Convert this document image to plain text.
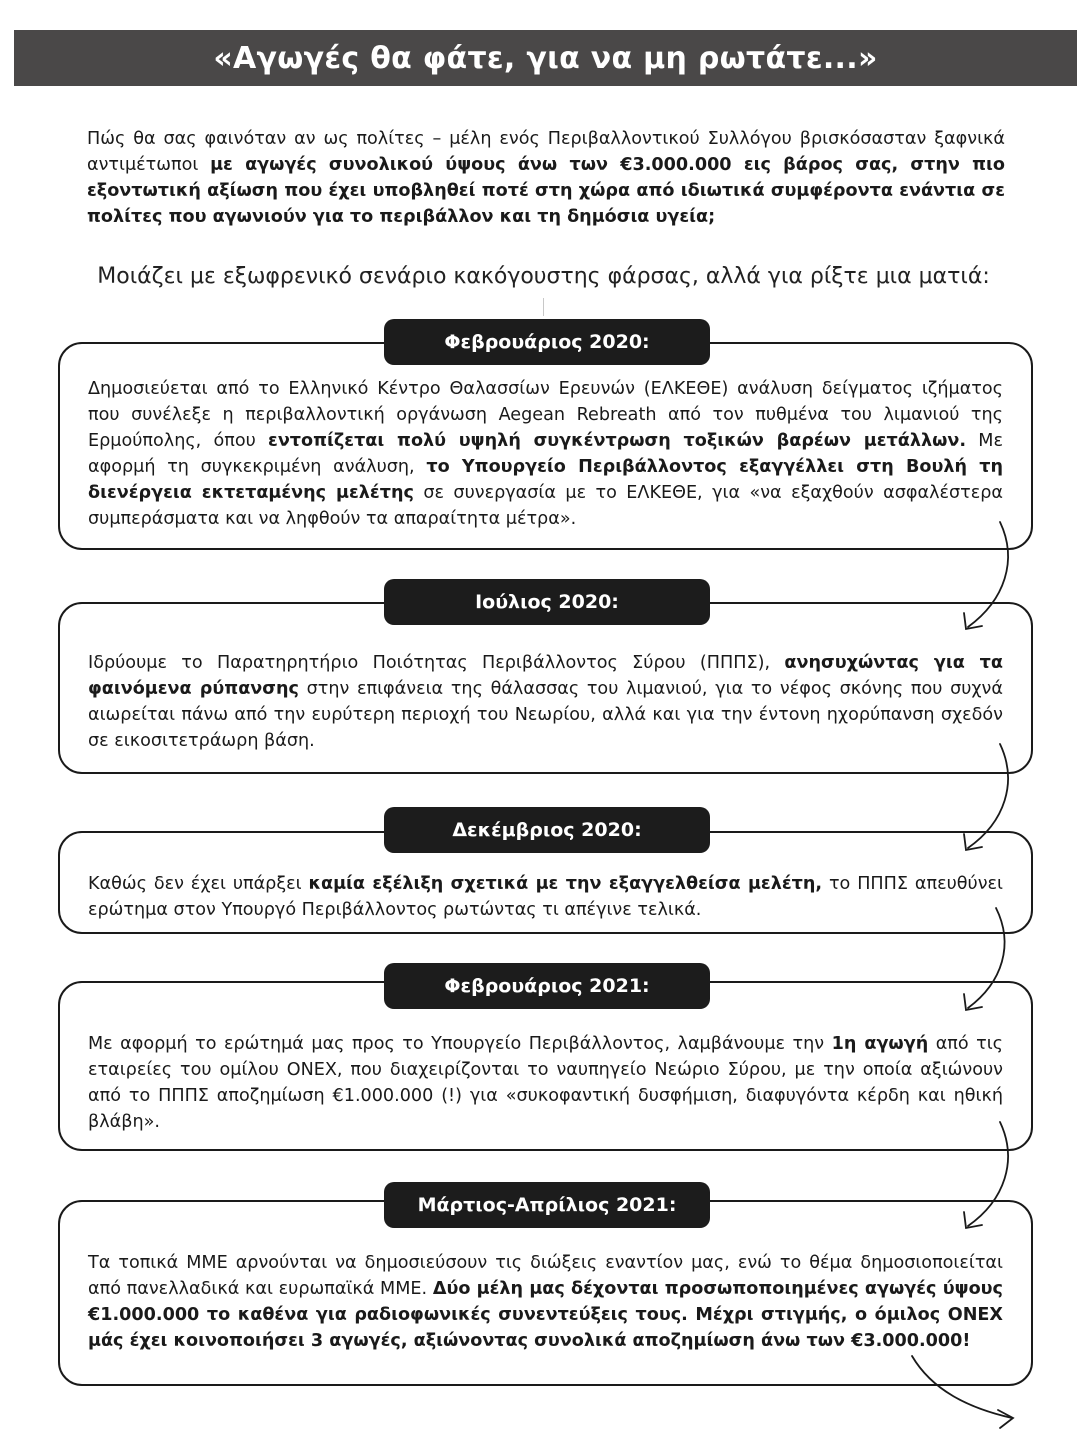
«Αγωγές θα φάτε, για να μη ρωτάτε...»
Πώς θα σας φαινόταν αν ως πολίτες – μέλη ενός Περιβαλλοντικού Συλλόγου βρισκόσασταν ξαφνικά αντιμέτωποι με αγωγές συνολικού ύψους άνω των €3.000.000 εις βάρος σας, στην πιο εξοντωτική αξίωση που έχει υποβληθεί ποτέ στη χώρα από ιδιωτικά συμφέροντα ενάντια σε πολίτες που αγωνιούν για το περιβάλλον και τη δημόσια υγεία;
Μοιάζει με εξωφρενικό σενάριο κακόγουστης φάρσας, αλλά για ρίξτε μια ματιά:
Δημοσιεύεται από το Ελληνικό Κέντρο Θαλασσίων Ερευνών (ΕΛΚΕΘΕ) ανάλυση δείγματος ιζήματος που συνέλεξε η περιβαλλοντική οργάνωση Aegean Rebreath από τον πυθμένα του λιμανιού της Ερμούπολης, όπου εντοπίζεται πολύ υψηλή συγκέντρωση τοξικών βαρέων μετάλλων. Με αφορμή τη συγκεκριμένη ανάλυση, το Υπουργείο Περιβάλλοντος εξαγγέλλει στη Βουλή τη διενέργεια εκτεταμένης μελέτης σε συνεργασία με το ΕΛΚΕΘΕ, για «να εξαχθούν ασφαλέστερα συμπεράσματα και να ληφθούν τα απαραίτητα μέτρα».
Φεβρουάριος 2020:
Ιδρύουμε το Παρατηρητήριο Ποιότητας Περιβάλλοντος Σύρου (ΠΠΠΣ), ανησυχώντας για τα φαινόμενα ρύπανσης στην επιφάνεια της θάλασσας του λιμανιού, για το νέφος σκόνης που συχνά αιωρείται πάνω από την ευρύτερη περιοχή του Νεωρίου, αλλά και για την έντονη ηχορύπανση σχεδόν σε εικοσιτετράωρη βάση.
Ιούλιος 2020:
Καθώς δεν έχει υπάρξει καμία εξέλιξη σχετικά με την εξαγγελθείσα μελέτη, το ΠΠΠΣ απευθύνει ερώτημα στον Υπουργό Περιβάλλοντος ρωτώντας τι απέγινε τελικά.
Δεκέμβριος 2020:
Με αφορμή το ερώτημά μας προς το Υπουργείο Περιβάλλοντος, λαμβάνουμε την 1η αγωγή από τις εταιρείες του ομίλου ONEX, που διαχειρίζονται το ναυπηγείο Νεώριο Σύρου, με την οποία αξιώνουν από το ΠΠΠΣ αποζημίωση €1.000.000 (!) για «συκοφαντική δυσφήμιση, διαφυγόντα κέρδη και ηθική βλάβη».
Φεβρουάριος 2021:
Τα τοπικά ΜΜΕ αρνούνται να δημοσιεύσουν τις διώξεις εναντίον μας, ενώ το θέμα δημοσιοποιείται από πανελλαδικά και ευρωπαϊκά ΜΜΕ. Δύο μέλη μας δέχονται προσωποποιημένες αγωγές ύψους €1.000.000 το καθένα για ραδιοφωνικές συνεντεύξεις τους. Μέχρι στιγμής, ο όμιλος ONEX μάς έχει κοινοποιήσει 3 αγωγές, αξιώνοντας συνολικά αποζημίωση άνω των €3.000.000!
Μάρτιος-Απρίλιος 2021:
